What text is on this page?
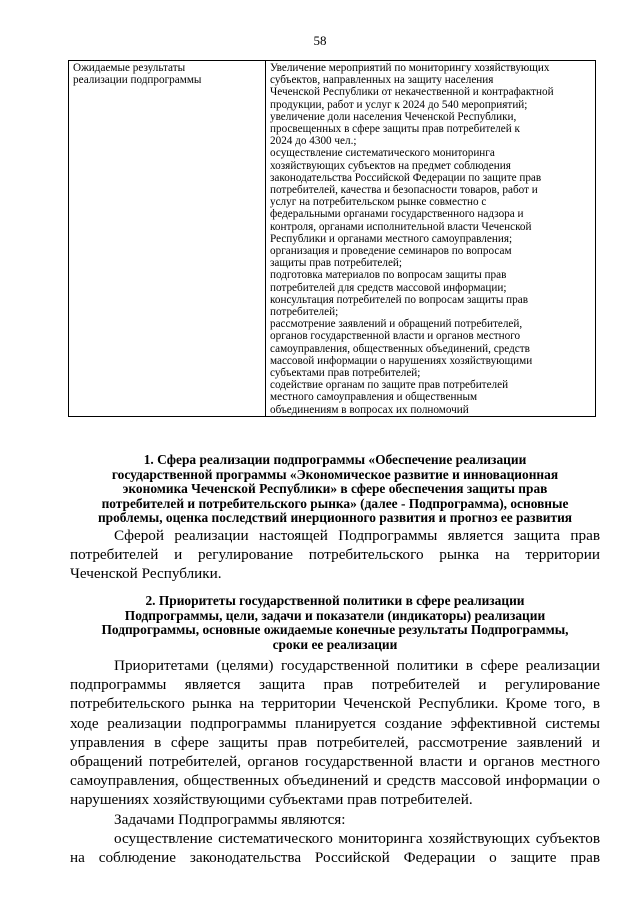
58
Ожидаемые результаты
реализации подпрограммы

Увеличение мероприятий по мониторингу хозяйствующих
субъектов, направленных на защиту населения
Чеченской Республики от некачественной и контрафактной
продукции, работ и услуг к 2024 до 540 мероприятий;
увеличение доли населения Чеченской Республики,
просвещенных в сфере защиты прав потребителей к
2024 до 4300 чел.;
осуществление систематического мониторинга
хозяйствующих субъектов на предмет соблюдения
законодательства Российской Федерации по защите прав
потребителей, качества и безопасности товаров, работ и
услуг на потребительском рынке совместно с
федеральными органами государственного надзора и
контроля, органами исполнительной власти Чеченской
Республики и органами местного самоуправления;
организация и проведение семинаров по вопросам
защиты прав потребителей;
подготовка материалов по вопросам защиты прав
потребителей для средств массовой информации;
консультация потребителей по вопросам защиты прав
потребителей;
рассмотрение заявлений и обращений потребителей,
органов государственной власти и органов местного
самоуправления, общественных объединений, средств
массовой информации о нарушениях хозяйствующими
субъектами прав потребителей;
содействие органам по защите прав потребителей
местного самоуправления и общественным
объединениям в вопросах их полномочий
1. Сфера реализации подпрограммы «Обеспечение реализации
государственной программы «Экономическое развитие и инновационная
экономика Чеченской Республики» в сфере обеспечения защиты прав
потребителей и потребительского рынка» (далее - Подпрограмма), основные
проблемы, оценка последствий инерционного развития и прогноз ее развития
Сферой реализации настоящей Подпрограммы является защита прав
потребителей и регулирование потребительского рынка на территории
Чеченской Республики.
2. Приоритеты государственной политики в сфере реализации
Подпрограммы, цели, задачи и показатели (индикаторы) реализации
Подпрограммы, основные ожидаемые конечные результаты Подпрограммы,
сроки ее реализации
Приоритетами (целями) государственной политики в сфере реализации
подпрограммы является защита прав потребителей и регулирование
потребительского рынка на территории Чеченской Республики. Кроме того, в
ходе реализации подпрограммы планируется создание эффективной системы
управления в сфере защиты прав потребителей, рассмотрение заявлений и
обращений потребителей, органов государственной власти и органов местного
самоуправления, общественных объединений и средств массовой информации о
нарушениях хозяйствующими субъектами прав потребителей.
Задачами Подпрограммы являются:
осуществление систематического мониторинга хозяйствующих субъектов
на соблюдение законодательства Российской Федерации о защите прав
